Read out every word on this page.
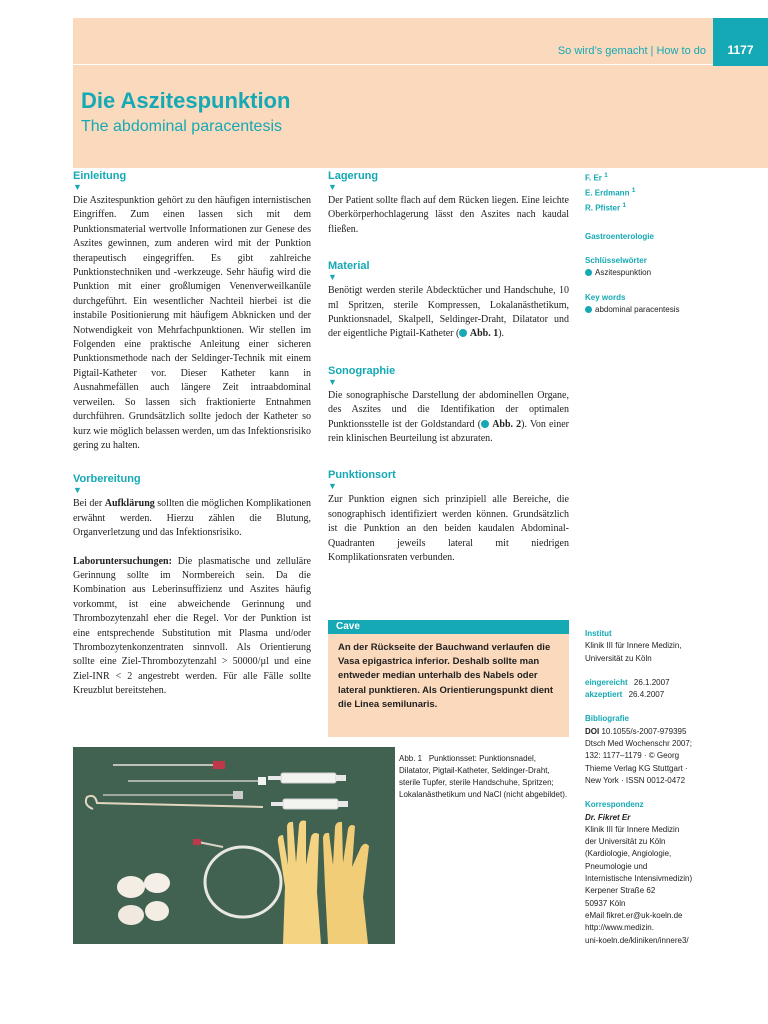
1177
So wird’s gemacht | How to do
Die Aszitespunktion
The abdominal paracentesis
Einleitung
▼
Die Aszitespunktion gehört zu den häufigen internistischen Eingriffen. Zum einen lassen sich mit dem Punktionsmaterial wertvolle Informationen zur Genese des Aszites gewinnen, zum anderen wird mit der Punktion therapeutisch eingegriffen. Es gibt zahlreiche Punktionstechniken und -werkzeuge. Sehr häufig wird die Punktion mit einer großlumigen Venenverweilkanüle durchgeführt. Ein wesentlicher Nachteil hierbei ist die instabile Positionierung mit häufigem Abknicken und der Notwendigkeit von Mehrfachpunktionen. Wir stellen im Folgenden eine praktische Anleitung einer sicheren Punktionsmethode nach der Seldinger-Technik mit einem Pigtail-Katheter vor. Dieser Katheter kann in Ausnahmefällen auch längere Zeit intraabdominal verweilen. So lassen sich fraktionierte Entnahmen durchführen. Grundsätzlich sollte jedoch der Katheter so kurz wie möglich belassen werden, um das Infektionsrisiko gering zu halten.
Vorbereitung
▼
Bei der Aufklärung sollten die möglichen Komplikationen erwähnt werden. Hierzu zählen die Blutung, Organverletzung und das Infektionsrisiko.
Laboruntersuchungen: Die plasmatische und zelluläre Gerinnung sollte im Normbereich sein. Da die Kombination aus Leberinsuffizienz und Aszites häufig vorkommt, ist eine abweichende Gerinnung und Thrombozytenzahl eher die Regel. Vor der Punktion ist eine entsprechende Substitution mit Plasma und/oder Thrombozytenkonzentraten sinnvoll. Als Orientierung sollte eine Ziel-Thrombozytenzahl > 50000/µl und eine Ziel-INR < 2 angestrebt werden. Für alle Fälle sollte Kreuzblut bereitstehen.
Lagerung
▼
Der Patient sollte flach auf dem Rücken liegen. Eine leichte Oberkörperhochlagerung lässt den Aszites nach kaudal fließen.
Material
▼
Benötigt werden sterile Abdecktücher und Handschuhe, 10 ml Spritzen, sterile Kompressen, Lokalanästhetikum, Punktionsnadel, Skalpell, Seldinger-Draht, Dilatator und der eigentliche Pigtail-Katheter ( Abb. 1).
Sonographie
▼
Die sonographische Darstellung der abdominellen Organe, des Aszites und die Identifikation der optimalen Punktionsstelle ist der Goldstandard ( Abb. 2). Von einer rein klinischen Beurteilung ist abzuraten.
Punktionsort
▼
Zur Punktion eignen sich prinzipiell alle Bereiche, die sonographisch identifiziert werden können. Grundsätzlich ist die Punktion an den beiden kaudalen Abdominal-Quadranten jeweils lateral mit niedrigen Komplikationsraten verbunden.
Cave
An der Rückseite der Bauchwand verlaufen die Vasa epigastrica inferior. Deshalb sollte man entweder median unterhalb des Nabels oder lateral punktieren. Als Orientierungspunkt dient die Linea semilunaris.
F. Er $^1$
E. Erdmann $^1$
R. Pfister $^1$
Gastroenterologie
Schlüsselwörter
Aszitespunktion
Key words
abdominal paracentesis
Institut
Klinik III für Innere Medizin,
Universität zu Köln
eingereicht 26.1.2007
akzeptiert 26.4.2007
Bibliografie
DOI 10.1055/s-2007-979395
Dtsch Med Wochenschr 2007;
132: 1177–1179 · © Georg
Thieme Verlag KG Stuttgart ·
New York · ISSN 0012-0472
Korrespondenz
Dr. Fikret Er
Klinik III für Innere Medizin
der Universität zu Köln
(Kardiologie, Angiologie,
Pneumologie und
Internistische Intensivmedizin)
Kerpener Straße 62
50937 Köln
eMail fikret.er@uk-koeln.de
http://www.medizin.
uni-koeln.de/kliniken/innere3/
Abb. 1 Punktionsset: Punktionsnadel, Dilatator, Pigtail-Katheter, Seldinger-Draht, sterile Tupfer, sterile Handschuhe, Spritzen; Lokalanästhetikum und NaCl (nicht abgebildet).
